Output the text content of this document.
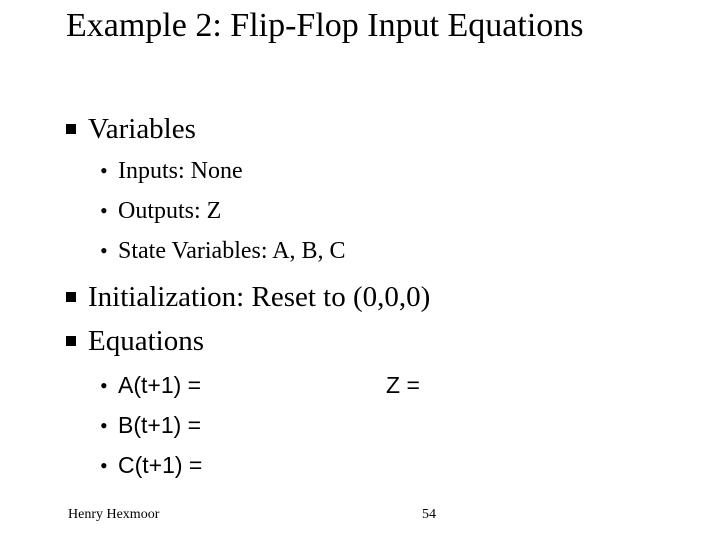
Example 2: Flip-Flop Input Equations
Variables
• Inputs: None
• Outputs: Z
• State Variables: A, B, C
Initialization: Reset to (0,0,0)
Equations
• A(t+1) =
• B(t+1) =
• C(t+1) =
Z =
Henry Hexmoor	54
